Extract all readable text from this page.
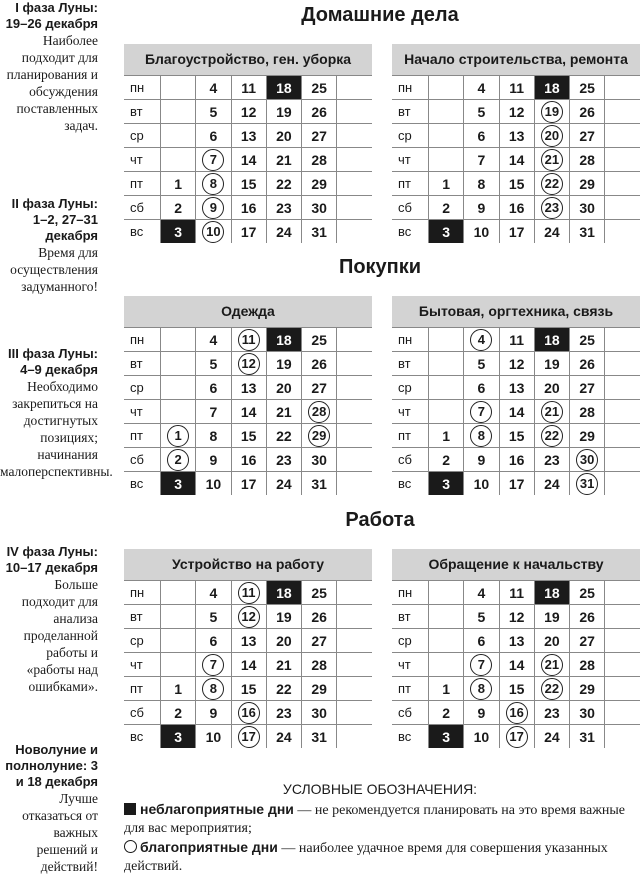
I фаза Луны: 19–26 декабря
Наиболее подходит для планирования и обсуждения поставленных задач.
II фаза Луны: 1–2, 27–31 декабря
Время для осуществления задуманного!
III фаза Луны: 4–9 декабря
Необходимо закрепиться на достигнутых позициях; начинания малоперспективны.
IV фаза Луны: 10–17 декабря
Больше подходит для анализа проделанной работы и «работы над ошибками».
Новолуние и полнолуние: 3 и 18 декабря
Лучше отказаться от важных решений и действий!
Домашние дела
Благоустройство, ген. уборка
пн		4	11	18	25	
вт		5	12	19	26	
ср		6	13	20	27	
чт		7	14	21	28	
пт	1	8	15	22	29	
сб	2	9	16	23	30	
вс	3	10	17	24	31	
Начало строительства, ремонта
пн		4	11	18	25	
вт		5	12	19	26	
ср		6	13	20	27	
чт		7	14	21	28	
пт	1	8	15	22	29	
сб	2	9	16	23	30	
вс	3	10	17	24	31	
Покупки
Одежда
пн		4	11	18	25	
вт		5	12	19	26	
ср		6	13	20	27	
чт		7	14	21	28	
пт	1	8	15	22	29	
сб	2	9	16	23	30	
вс	3	10	17	24	31	
Бытовая, оргтехника, связь
пн		4	11	18	25	
вт		5	12	19	26	
ср		6	13	20	27	
чт		7	14	21	28	
пт	1	8	15	22	29	
сб	2	9	16	23	30	
вс	3	10	17	24	31	
Работа
Устройство на работу
пн		4	11	18	25	
вт		5	12	19	26	
ср		6	13	20	27	
чт		7	14	21	28	
пт	1	8	15	22	29	
сб	2	9	16	23	30	
вс	3	10	17	24	31	
Обращение к начальству
пн		4	11	18	25	
вт		5	12	19	26	
ср		6	13	20	27	
чт		7	14	21	28	
пт	1	8	15	22	29	
сб	2	9	16	23	30	
вс	3	10	17	24	31	
УСЛОВНЫЕ ОБОЗНАЧЕНИЯ:

неблагоприятные дни — не рекомендуется планировать на это время важные для вас мероприятия;

благоприятные дни — наиболее удачное время для совершения указанных действий.
